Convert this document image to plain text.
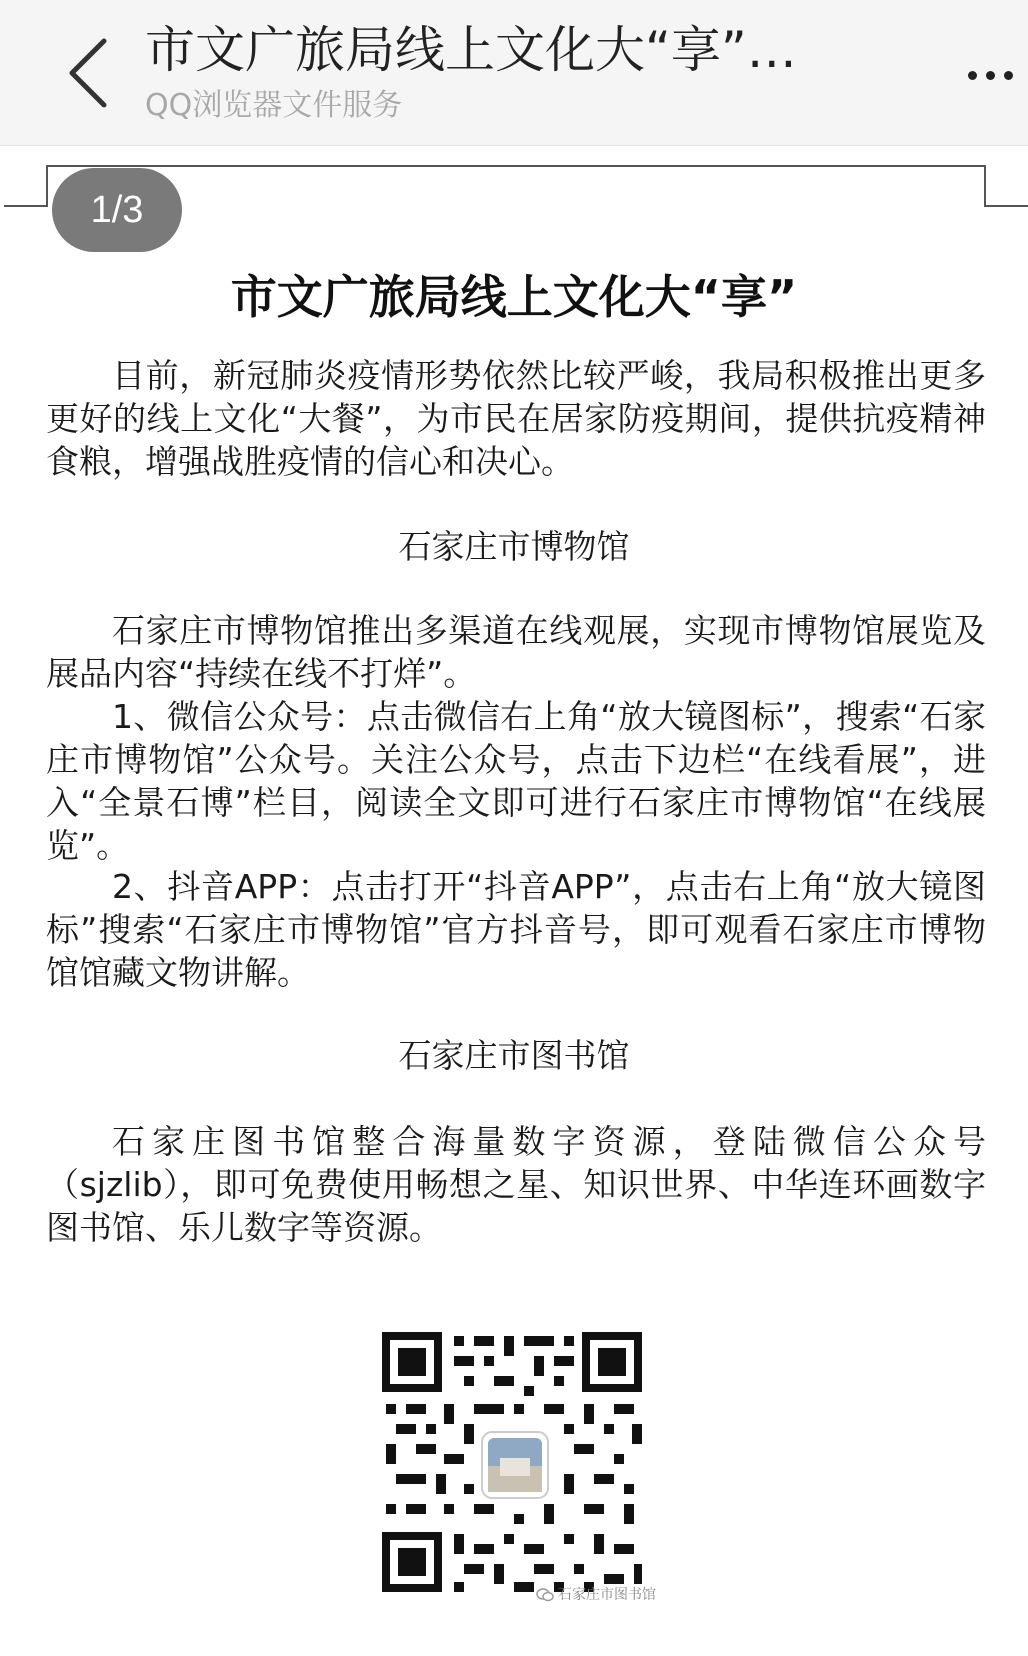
市文广旅局线上文化大“享”…
QQ浏览器文件服务
1/3
市文广旅局线上文化大“享”

目前，新冠肺炎疫情形势依然比较严峻，我局积极推出更多更好的线上文化“大餐”，为市民在居家防疫期间，提供抗疫精神食粮，增强战胜疫情的信心和决心。

石家庄市博物馆

石家庄市博物馆推出多渠道在线观展，实现市博物馆展览及展品内容“持续在线不打烊”。

1、微信公众号：点击微信右上角“放大镜图标”，搜索“石家庄市博物馆”公众号。关注公众号，点击下边栏“在线看展”，进入“全景石博”栏目，阅读全文即可进行石家庄市博物馆“在线展览”。

2、抖音APP：点击打开“抖音APP”，点击右上角“放大镜图标”搜索“石家庄市博物馆”官方抖音号，即可观看石家庄市博物馆馆藏文物讲解。

石家庄市图书馆

石家庄图书馆整合海量数字资源，登陆微信公众号（sjzlib），即可免费使用畅想之星、知识世界、中华连环画数字图书馆、乐儿数字等资源。

石家庄市图书馆
